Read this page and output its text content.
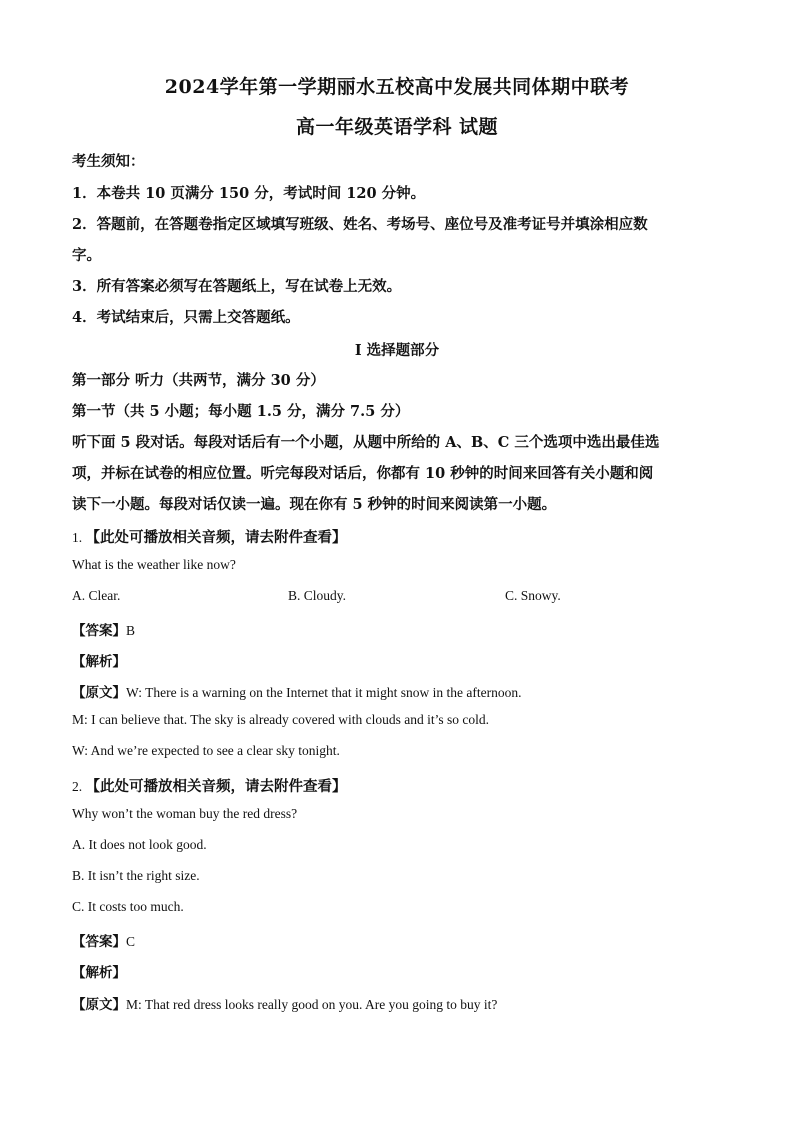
2024学年第一学期丽水五校高中发展共同体期中联考
高一年级英语学科 试题
考生须知：
1．本卷共 10 页满分 150 分，考试时间 120 分钟。
2．答题前，在答题卷指定区域填写班级、姓名、考场号、座位号及准考证号并填涂相应数
字。
3．所有答案必须写在答题纸上，写在试卷上无效。
4．考试结束后，只需上交答题纸。
I 选择题部分
第一部分 听力（共两节，满分 30 分）
第一节（共 5 小题；每小题 1.5 分，满分 7.5 分）
听下面 5 段对话。每段对话后有一个小题，从题中所给的 A、B、C 三个选项中选出最佳选
项，并标在试卷的相应位置。听完每段对话后，你都有 10 秒钟的时间来回答有关小题和阅
读下一小题。每段对话仅读一遍。现在你有 5 秒钟的时间来阅读第一小题。
1. 【此处可播放相关音频，请去附件查看】
What is the weather like now?
A. Clear.	B. Cloudy.	C. Snowy.
【答案】B
【解析】
【原文】W: There is a warning on the Internet that it might snow in the afternoon.
M: I can believe that. The sky is already covered with clouds and it’s so cold.
W: And we’re expected to see a clear sky tonight.
2. 【此处可播放相关音频，请去附件查看】
Why won’t the woman buy the red dress?
A. It does not look good.
B. It isn’t the right size.
C. It costs too much.
【答案】C
【解析】
【原文】M: That red dress looks really good on you. Are you going to buy it?
